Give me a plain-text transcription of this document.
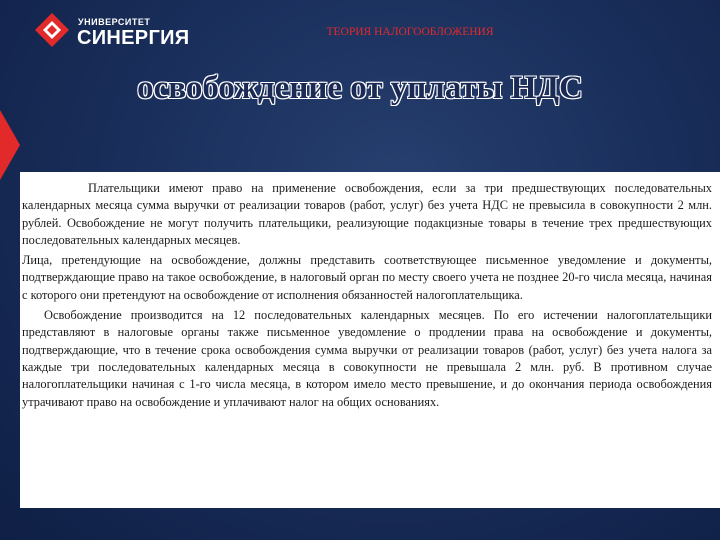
УНИВЕРСИТЕТ
СИНЕРГИЯ	ТЕОРИЯ НАЛОГООБЛОЖЕНИЯ
освобождение от уплаты НДС

Плательщики имеют право на применение освобождения, если за три предшествующих последовательных календарных месяца сумма выручки от реализации товаров (работ, услуг) без учета НДС не превысила в совокупности 2 млн. рублей. Освобождение не могут получить плательщики, реализующие подакцизные товары в течение трех предшествующих последовательных календарных месяцев.

Лица, претендующие на освобождение, должны представить соответствующее письменное уведомление и документы, подтверждающие право на такое освобождение, в налоговый орган по месту своего учета не позднее 20-го числа месяца, начиная с которого они претендуют на освобождение от исполнения обязанностей налогоплательщика.

Освобождение производится на 12 последовательных календарных месяцев. По его истечении налогоплательщики представляют в налоговые органы также письменное уведомление о продлении права на освобождение и документы, подтверждающие, что в течение срока освобождения сумма выручки от реализации товаров (работ, услуг) без учета налога за каждые три последовательных календарных месяца в совокупности не превышала 2 млн. руб. В противном случае налогоплательщики начиная с 1-го числа месяца, в котором имело место превышение, и до окончания периода освобождения утрачивают право на освобождение и уплачивают налог на общих основаниях.
